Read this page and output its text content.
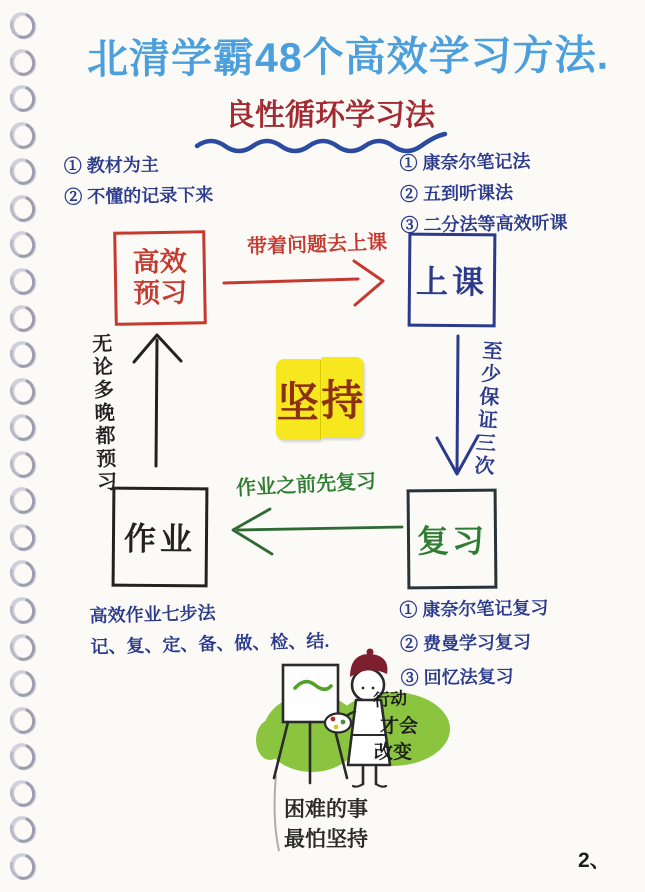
北清学霸48个高效学习方法.
良性循环学习法
① 教材为主
② 不懂的记录下来
① 康奈尔笔记法
② 五到听课法
③ 二分法等高效听课
高效
预习	上课
复习
作业
带着问题去上课
至少保证三次
作业之前先复习
无论多晚都预习	坚 持
高效作业七步法
记、复、定、备、做、检、结.
① 康奈尔笔记复习
② 费曼学习复习
③ 回忆法复习
行动
才会
改变
困难的事
最怕坚持
2、
